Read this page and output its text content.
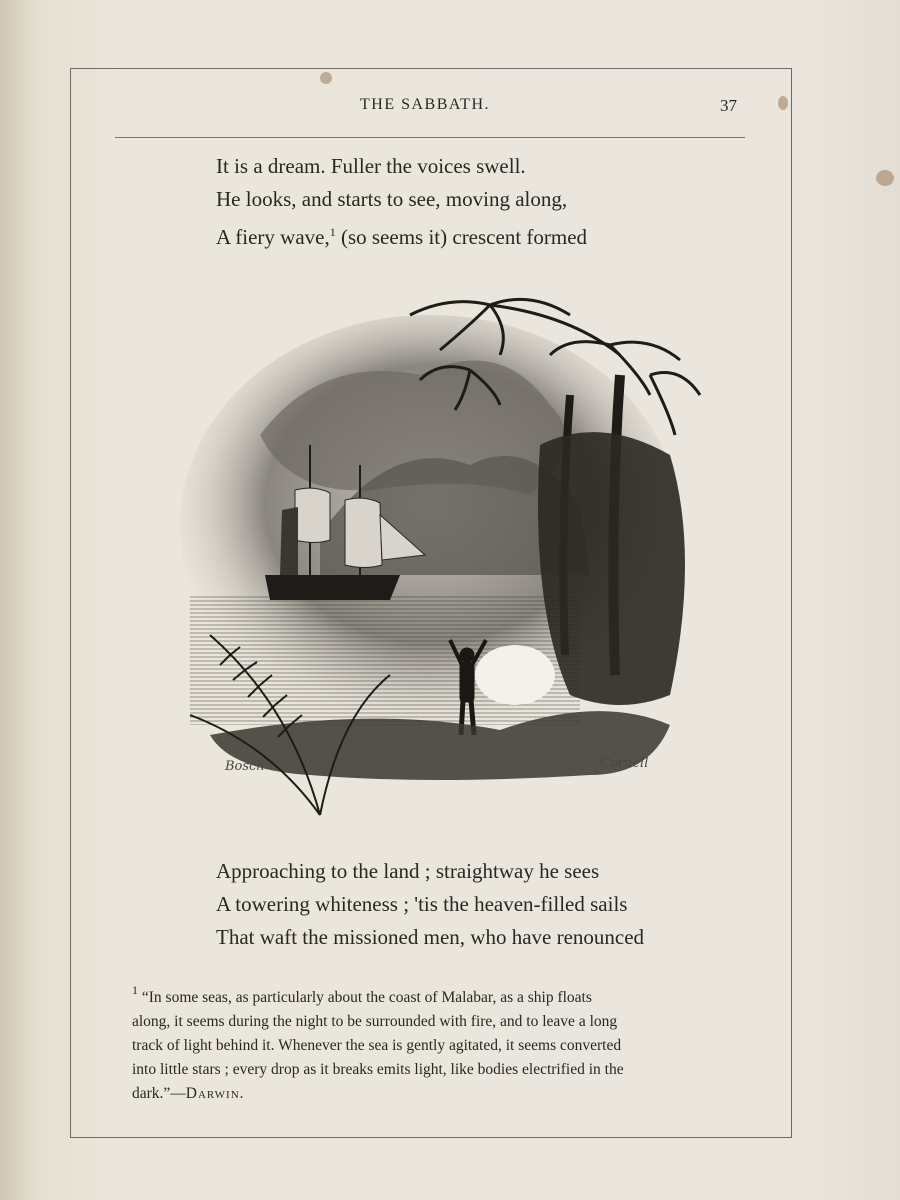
THE SABBATH.	37
It is a dream. Fuller the voices swell.
He looks, and starts to see, moving along,
A fiery wave,$^1$ (so seems it) crescent formed
Bosch	Cornell
Approaching to the land ; straightway he sees
A towering whiteness ; 'tis the heaven-filled sails
That waft the missioned men, who have renounced
$^1$ “In some seas, as particularly about the coast of Malabar, as a ship floats
along, it seems during the night to be surrounded with fire, and to leave a long
track of light behind it. Whenever the sea is gently agitated, it seems converted
into little stars ; every drop as it breaks emits light, like bodies electrified in the
dark.”—Darwin.
